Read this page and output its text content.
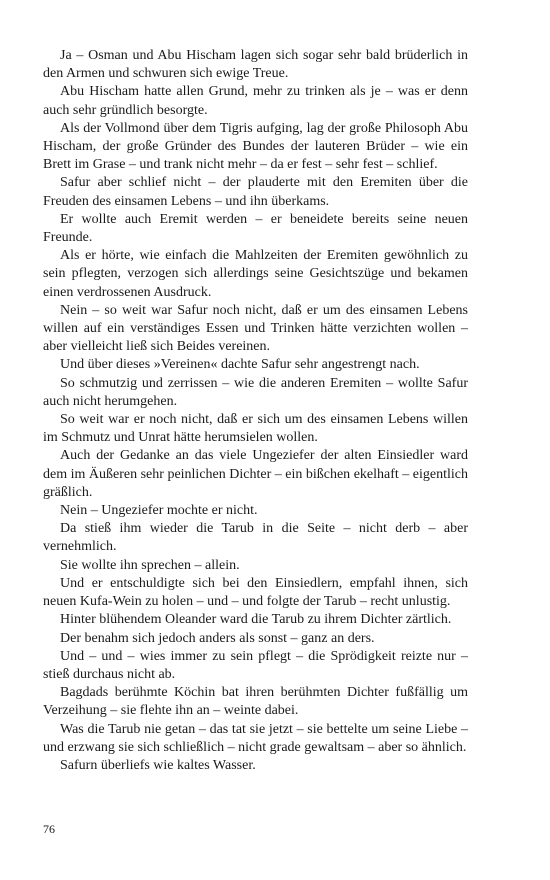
Ja – Osman und Abu Hischam lagen sich sogar sehr bald brüderlich in den Armen und schwuren sich ewige Treue.

Abu Hischam hatte allen Grund, mehr zu trinken als je – was er denn auch sehr gründlich besorgte.

Als der Vollmond über dem Tigris aufging, lag der große Philosoph Abu Hischam, der große Gründer des Bundes der lauteren Brüder – wie ein Brett im Grase – und trank nicht mehr – da er fest – sehr fest – schlief.

Safur aber schlief nicht – der plauderte mit den Eremiten über die Freuden des einsamen Lebens – und ihn überkams.

Er wollte auch Eremit werden – er beneidete bereits seine neuen Freunde.

Als er hörte, wie einfach die Mahlzeiten der Eremiten gewöhnlich zu sein pflegten, verzogen sich allerdings seine Gesichtszüge und bekamen einen verdrossenen Ausdruck.

Nein – so weit war Safur noch nicht, daß er um des einsamen Lebens willen auf ein verständiges Essen und Trinken hätte verzichten wollen – aber vielleicht ließ sich Beides vereinen.

Und über dieses »Vereinen« dachte Safur sehr angestrengt nach.

So schmutzig und zerrissen – wie die anderen Eremiten – wollte Safur auch nicht herumgehen.

So weit war er noch nicht, daß er sich um des einsamen Lebens willen im Schmutz und Unrat hätte herumsielen wollen.

Auch der Gedanke an das viele Ungeziefer der alten Einsiedler ward dem im Äußeren sehr peinlichen Dichter – ein bißchen ekelhaft – eigentlich gräßlich.

Nein – Ungeziefer mochte er nicht.

Da stieß ihm wieder die Tarub in die Seite – nicht derb – aber vernehmlich.

Sie wollte ihn sprechen – allein.

Und er entschuldigte sich bei den Einsiedlern, empfahl ihnen, sich neuen Kufa-Wein zu holen – und – und folgte der Tarub – recht unlustig.

Hinter blühendem Oleander ward die Tarub zu ihrem Dichter zärtlich.

Der benahm sich jedoch anders als sonst – ganz an ders.

Und – und – wies immer zu sein pflegt – die Sprödigkeit reizte nur – stieß durchaus nicht ab.

Bagdads berühmte Köchin bat ihren berühmten Dichter fußfällig um Verzeihung – sie flehte ihn an – weinte dabei.

Was die Tarub nie getan – das tat sie jetzt – sie bettelte um seine Liebe – und erzwang sie sich schließlich – nicht grade gewaltsam – aber so ähnlich.

Safurn überliefs wie kaltes Wasser.

76
